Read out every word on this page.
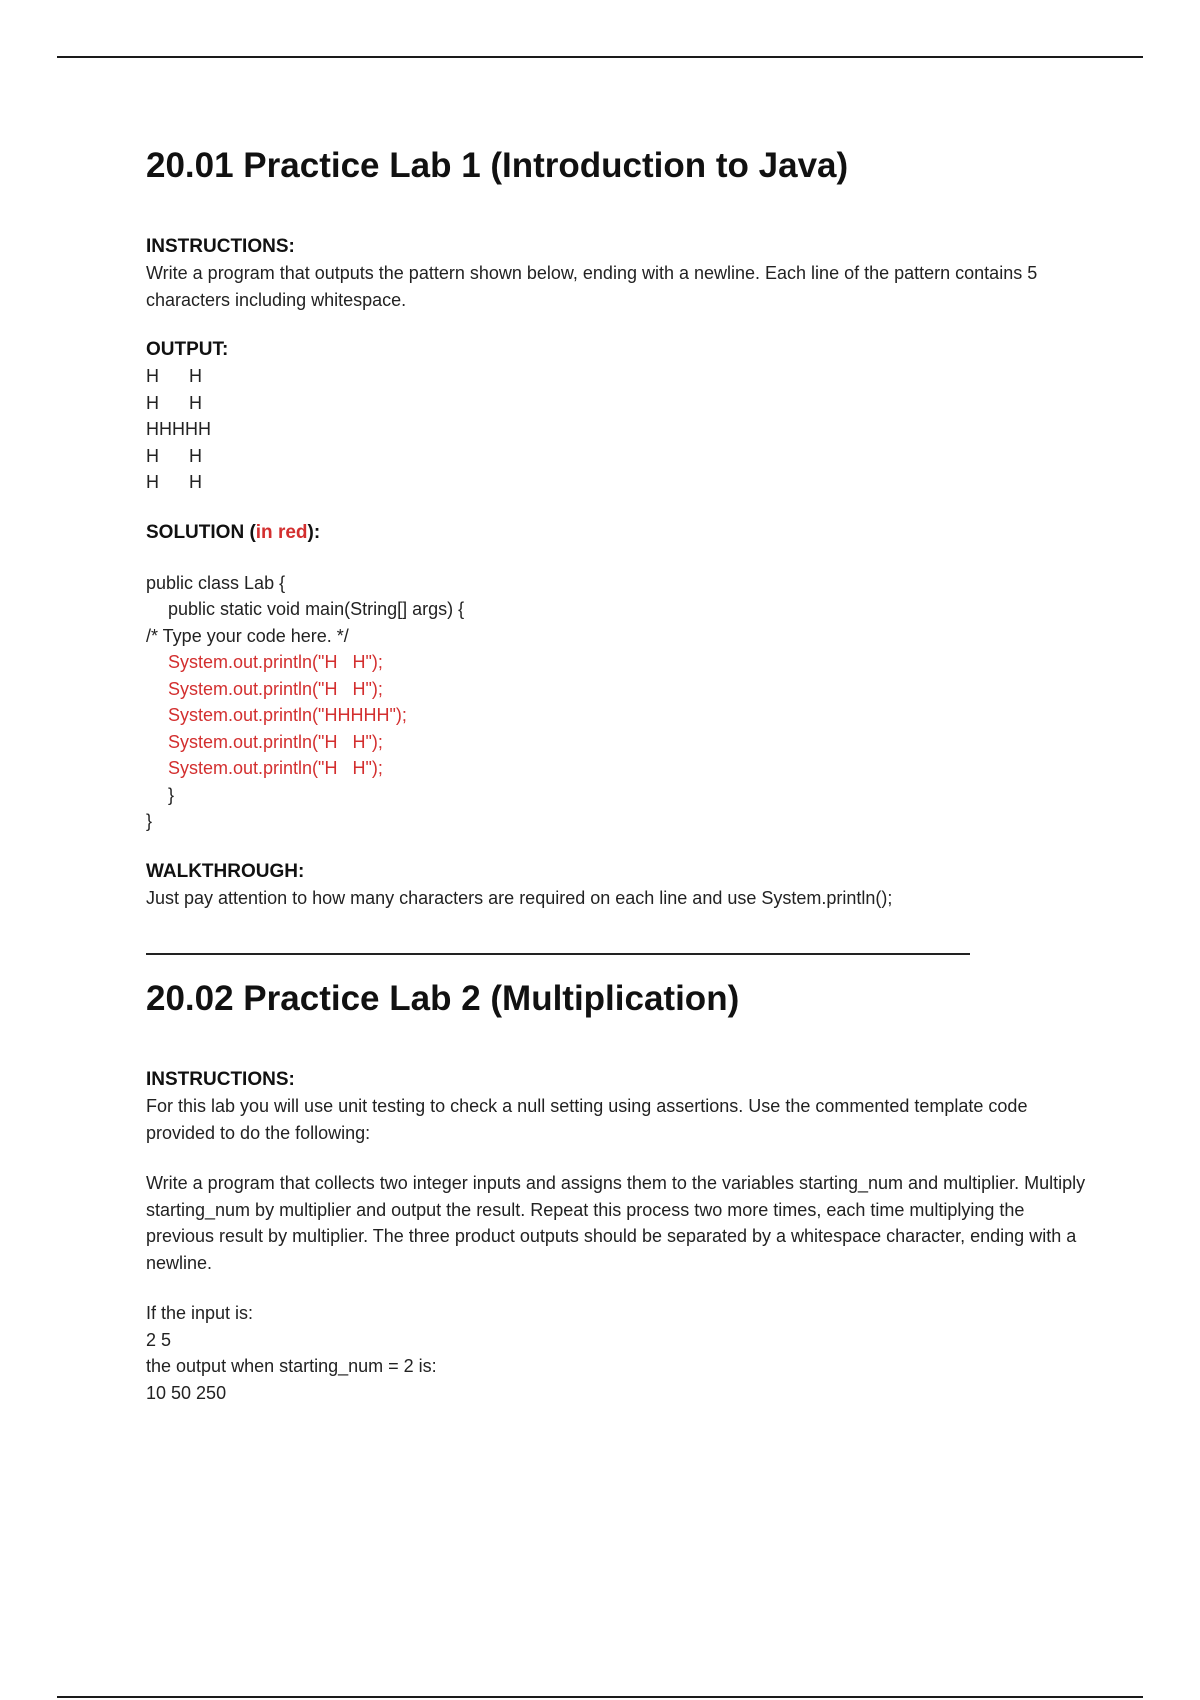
20.01 Practice Lab 1 (Introduction to Java)

INSTRUCTIONS:

Write a program that outputs the pattern shown below, ending with a newline. Each line of the pattern contains 5 characters including whitespace.

OUTPUT:

H      H

H      H

HHHHH

H      H

H      H

SOLUTION (in red):

public class Lab {

public static void main(String[] args) {

/* Type your code here. */

System.out.println("H   H");

System.out.println("H   H");

System.out.println("HHHHH");

System.out.println("H   H");

System.out.println("H   H");

}

}

WALKTHROUGH:

Just pay attention to how many characters are required on each line and use System.println();

20.02 Practice Lab 2 (Multiplication)

INSTRUCTIONS:

For this lab you will use unit testing to check a null setting using assertions. Use the commented template code provided to do the following:

Write a program that collects two integer inputs and assigns them to the variables starting_num and multiplier. Multiply starting_num by multiplier and output the result. Repeat this process two more times, each time multiplying the previous result by multiplier. The three product outputs should be separated by a whitespace character, ending with a newline.

If the input is:

2 5

the output when starting_num = 2 is:

10 50 250
